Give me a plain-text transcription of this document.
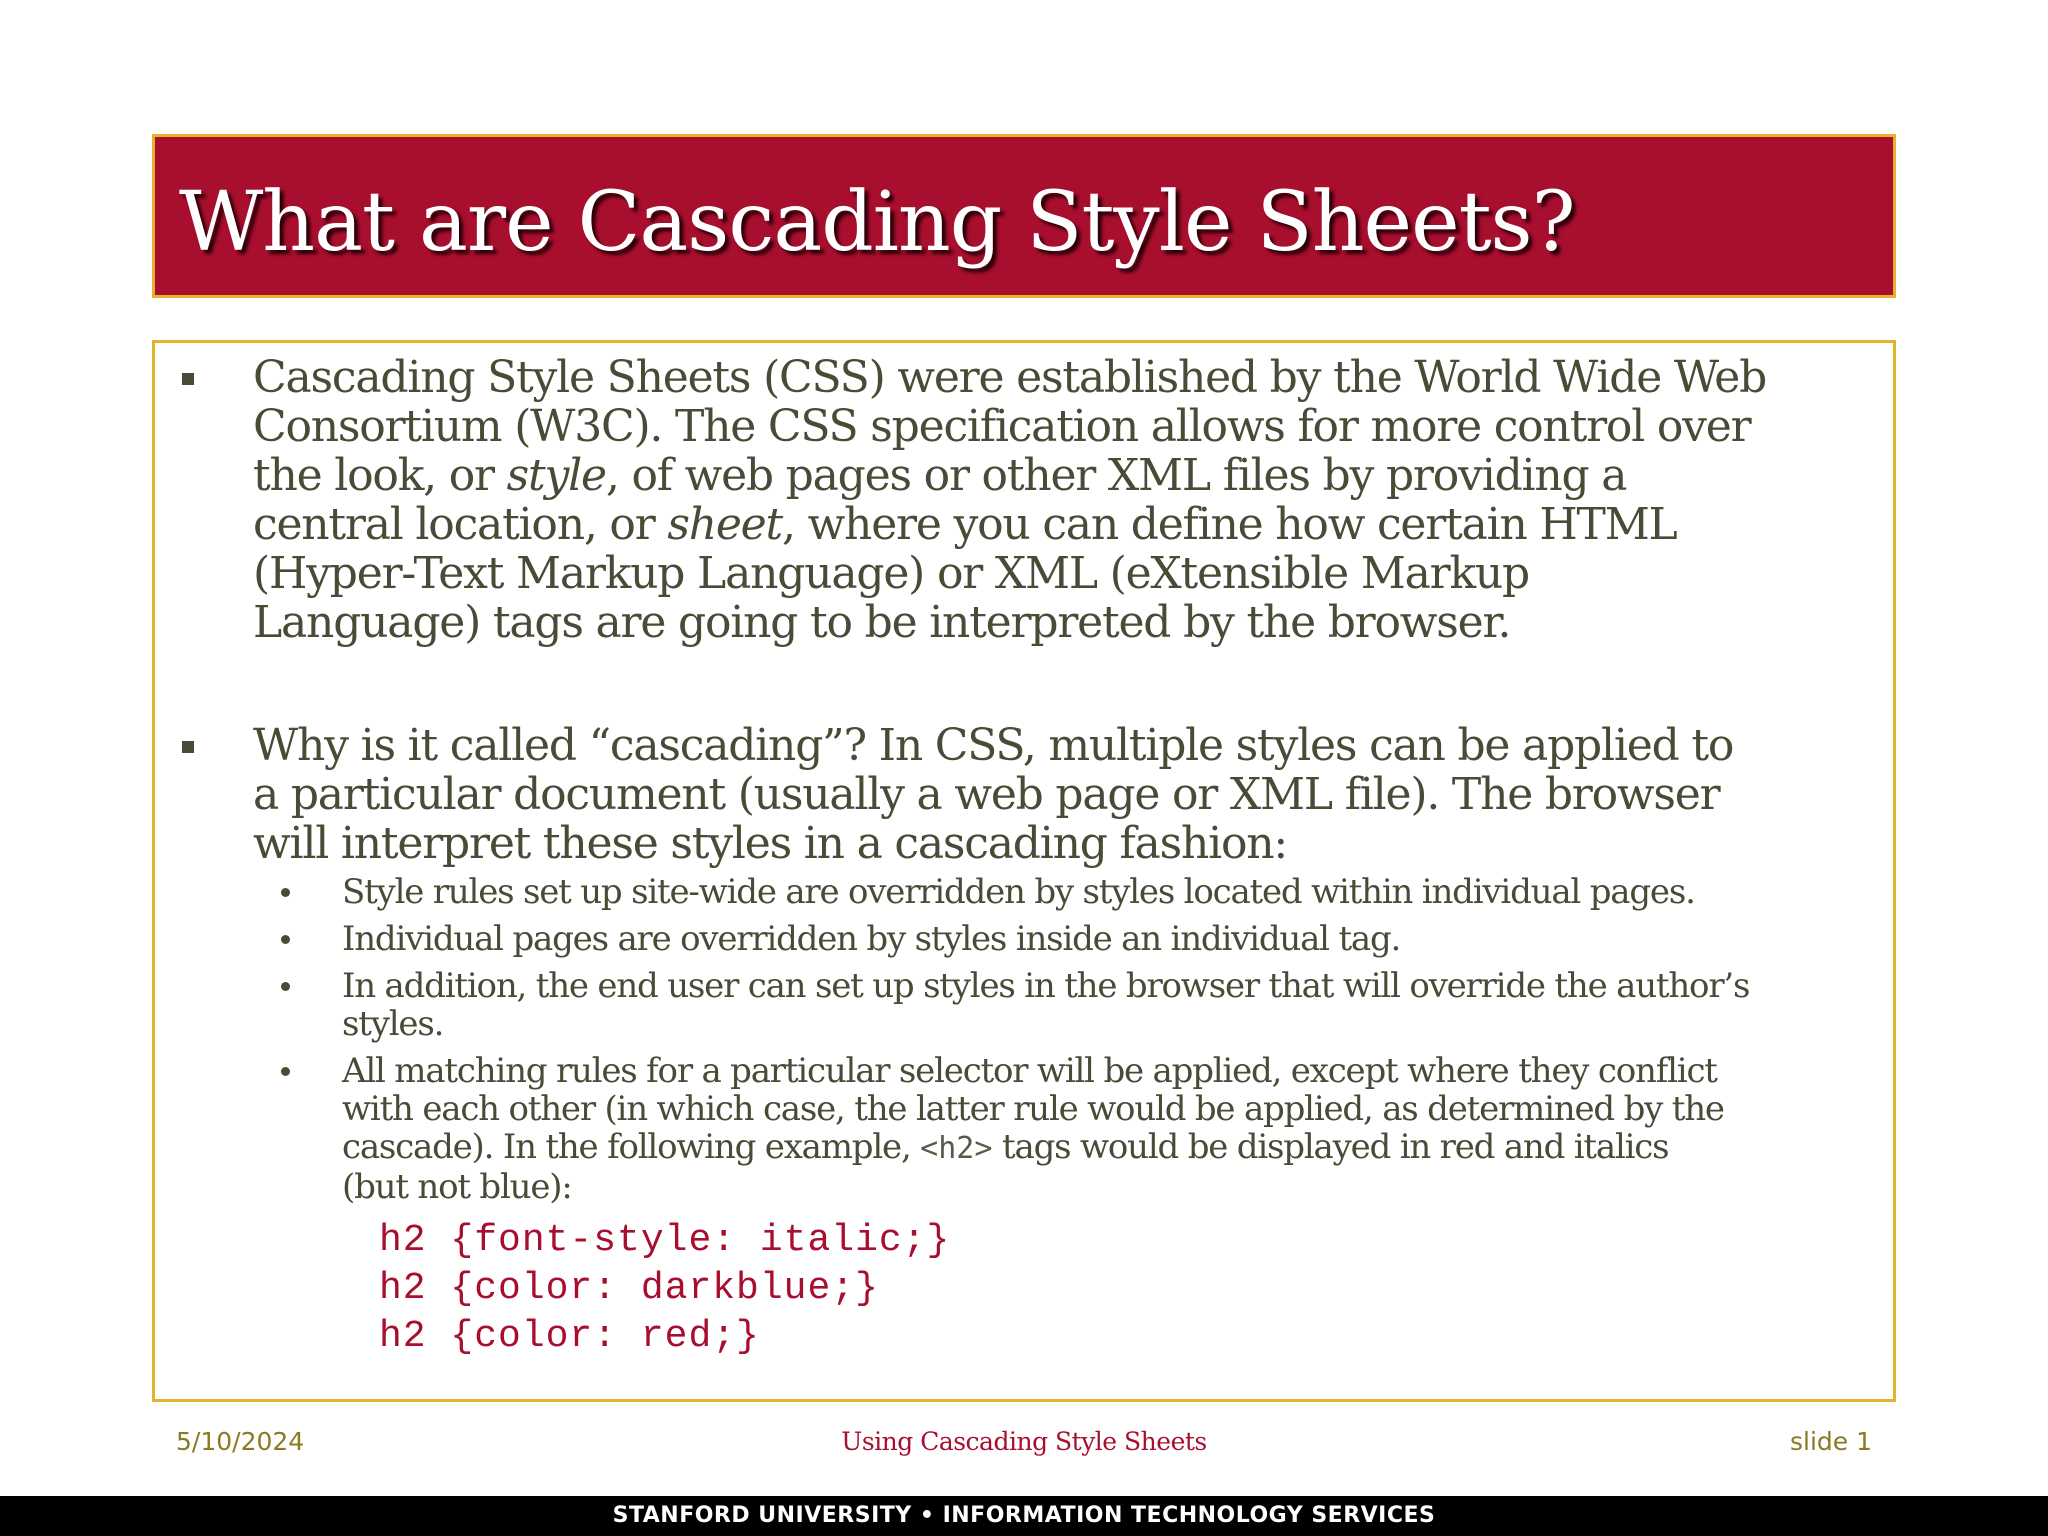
What are Cascading Style Sheets?
Cascading Style Sheets (CSS) were established by the World Wide Web
Consortium (W3C). The CSS specification allows for more control over
the look, or style, of web pages or other XML files by providing a
central location, or sheet, where you can define how certain HTML
(Hyper-Text Markup Language) or XML (eXtensible Markup
Language) tags are going to be interpreted by the browser.
Why is it called “cascading”? In CSS, multiple styles can be applied to
a particular document (usually a web page or XML file). The browser
will interpret these styles in a cascading fashion:
Style rules set up site-wide are overridden by styles located within individual pages.
Individual pages are overridden by styles inside an individual tag.
In addition, the end user can set up styles in the browser that will override the author’s
styles.
All matching rules for a particular selector will be applied, except where they conflict
with each other (in which case, the latter rule would be applied, as determined by the
cascade). In the following example, <h2> tags would be displayed in red and italics
(but not blue):
h2 {font-style: italic;}
h2 {color: darkblue;}
h2 {color: red;}
5/10/2024	Using Cascading Style Sheets	slide 1
STANFORD UNIVERSITY • INFORMATION TECHNOLOGY SERVICES
